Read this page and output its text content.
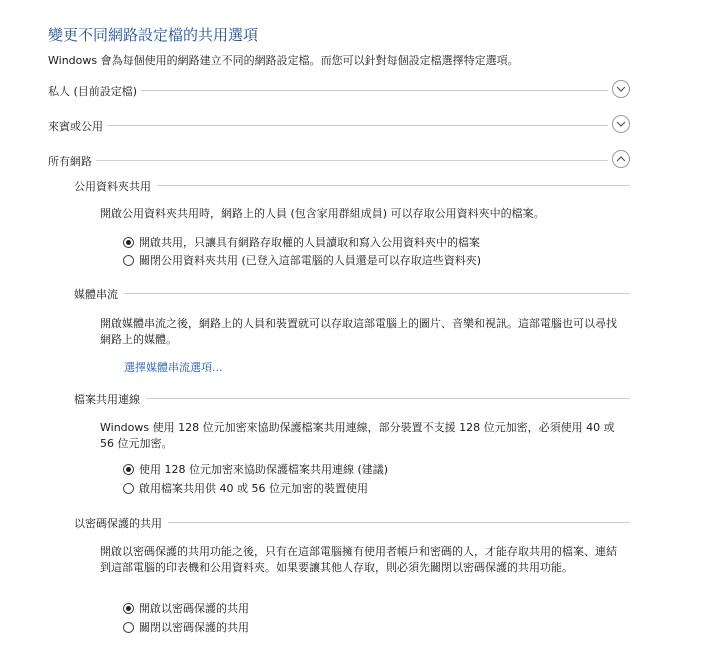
變更不同網路設定檔的共用選項
Windows 會為每個使用的網路建立不同的網路設定檔。而您可以針對每個設定檔選擇特定選項。
私人 (目前設定檔)
來賓或公用
所有網路
公用資料夾共用
開啟公用資料夾共用時，網路上的人員 (包含家用群組成員) 可以存取公用資料夾中的檔案。
開啟共用，只讓具有網路存取權的人員讀取和寫入公用資料夾中的檔案
關閉公用資料夾共用 (已登入這部電腦的人員還是可以存取這些資料夾)
媒體串流
開啟媒體串流之後，網路上的人員和裝置就可以存取這部電腦上的圖片、音樂和視訊。這部電腦也可以尋找網路上的媒體。
選擇媒體串流選項...
檔案共用連線
Windows 使用 128 位元加密來協助保護檔案共用連線，部分裝置不支援 128 位元加密，必須使用 40 或 56 位元加密。
使用 128 位元加密來協助保護檔案共用連線 (建議)
啟用檔案共用供 40 或 56 位元加密的裝置使用
以密碼保護的共用
開啟以密碼保護的共用功能之後，只有在這部電腦擁有使用者帳戶和密碼的人，才能存取共用的檔案、連結到這部電腦的印表機和公用資料夾。如果要讓其他人存取，則必須先關閉以密碼保護的共用功能。
開啟以密碼保護的共用
關閉以密碼保護的共用
